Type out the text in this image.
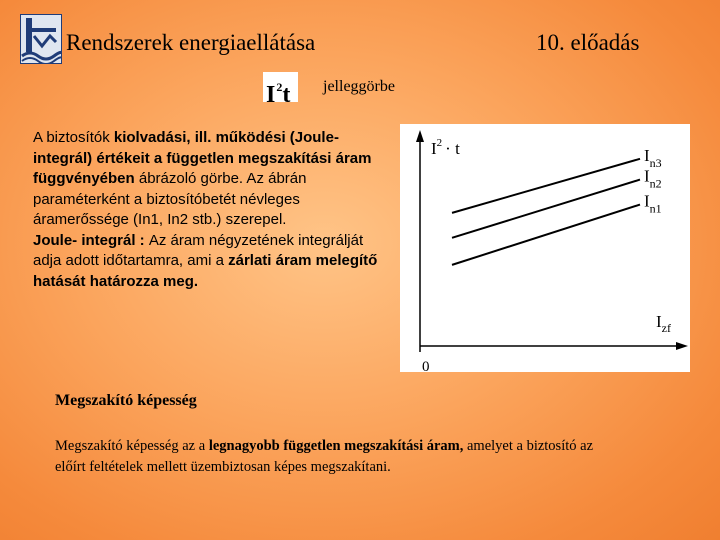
Rendszerek energiaellátása	10. előadás
$I^2t$	jelleggörbe
A biztosítók kiolvadási, ill. működési (Joule- integrál) értékeit a független megszakítási áram függvényében ábrázoló görbe. Az ábrán paraméterként a biztosítóbetét névleges áramerőssége (In1, In2 stb.) szerepel.
Joule- integrál : Az áram négyzetének integrálját adja adott időtartamra, ami a zárlati áram melegítő hatását határozza meg.
$I^2 \cdot t$
$I_{zf}$
0
$I_{n3}$
$I_{n2}$
$I_{n1}$
Megszakító képesség
Megszakító képesség az a legnagyobb független megszakítási áram, amelyet a biztosító az előírt feltételek mellett üzembiztosan képes megszakítani.
